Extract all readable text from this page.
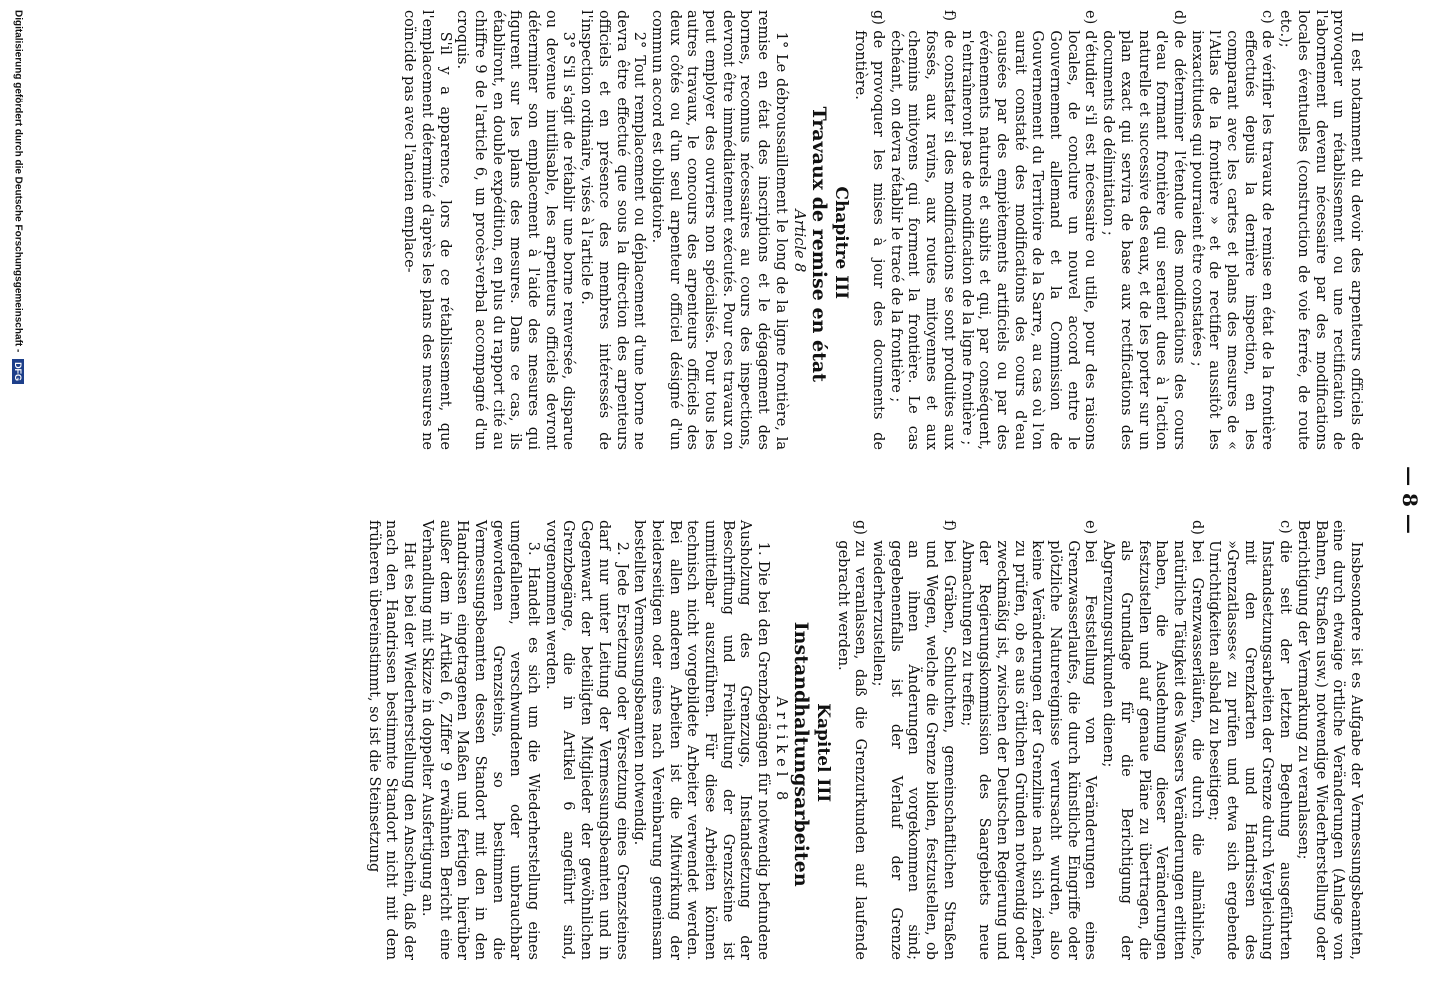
— 8 —

Il est notamment du devoir des arpenteurs officiels de provoquer un rétablissement ou une rectification de l'abornement devenu nécessaire par des modifications locales éventuelles (construction de voie ferrée, de route etc.);

c)de vérifier les travaux de remise en état de la frontière effectués depuis la dernière inspection, en les comparant avec les cartes et plans des mesures de « l'Atlas de la frontière » et de rectifier aussitôt les inexactitudes qui pourraient être constatées ;

d)de déterminer l'étendue des modifications des cours d'eau formant frontière qui seraient dues à l'action naturelle et successive des eaux, et de les porter sur un plan exact qui servira de base aux rectifications des documents de délimitation ;

e)d'étudier s'il est nécessaire ou utile, pour des raisons locales, de conclure un nouvel accord entre le Gouvernement allemand et la Commission de Gouvernement du Territoire de la Sarre, au cas où l'on aurait constaté des modifications des cours d'eau causées par des empiètements artificiels ou par des événements naturels et subits et qui, par conséquent, n'entraîneront pas de modification de la ligne frontière ;

f)de constater si des modifications se sont produites aux fossés, aux ravins, aux routes mitoyennes et aux chemins mitoyens qui forment la frontière. Le cas échéant, on devra rétablir le tracé de la frontière ;

g)de provoquer les mises à jour des documents de frontière.

Chapitre III

Travaux de remise en état

Article 8

1° Le débroussaillement le long de la ligne frontière, la remise en état des inscriptions et le dégagement des bornes, reconnus nécessaires au cours des inspections, devront être immédiatement exécutés. Pour ces travaux on peut employer des ouvriers non spécialisés. Pour tous les autres travaux, le concours des arpenteurs officiels des deux côtés ou d'un seul arpenteur officiel désigné d'un commun accord est obligatoire.

2° Tout remplacement ou déplacement d'une borne ne devra être effectué que sous la direction des arpenteurs officiels et en présence des membres intéressés de l'inspection ordinaire, visés à l'article 6.

3° S'il s'agit de rétablir une borne renversée, disparue ou devenue inutilisable, les arpenteurs officiels devront déterminer son emplacement à l'aide des mesures qui figurent sur les plans des mesures. Dans ce cas, ils établiront, en double expédition, en plus du rapport cité au chiffre 9 de l'article 6, un procès-verbal accompagné d'un croquis.

S'il y a apparence, lors de ce rétablissement, que l'emplacement déterminé d'après les plans des mesures ne coïncide pas avec l'ancien emplace-

Insbesondere ist es Aufgabe der Vermessungsbeamten, eine durch etwaige örtliche Veränderungen (Anlage von Bahnen, Straßen usw.) notwendige Wiederherstellung oder Berichtigung der Vermarkung zu veranlassen;

c)die seit der letzten Begehung ausgeführten Instandsetzungsarbeiten der Grenze durch Vergleichung mit den Grenzkarten und Handrissen des »Grenzatlasses« zu prüfen und etwa sich ergebende Unrichtigkeiten alsbald zu beseitigen;

d)bei Grenzwasserläufen, die durch die allmähliche, natürliche Tätigkeit des Wassers Veränderungen erlitten haben, die Ausdehnung dieser Veränderungen festzustellen und auf genaue Pläne zu übertragen, die als Grundlage für die Berichtigung der Abgrenzungsurkunden dienen;

e)bei Feststellung von Veränderungen eines Grenzwasserlaufes, die durch künstliche Eingriffe oder plötzliche Naturereignisse verursacht wurden, also keine Veränderungen der Grenzlinie nach sich ziehen, zu prüfen, ob es aus örtlichen Gründen notwendig oder zweckmäßig ist, zwischen der Deutschen Regierung und der Regierungskommission des Saargebiets neue Abmachungen zu treffen;

f)bei Gräben, Schluchten, gemeinschaftlichen Straßen und Wegen, welche die Grenze bilden, festzustellen, ob an ihnen Änderungen vorgekommen sind; gegebenenfalls ist der Verlauf der Grenze wiederherzustellen;

g)zu veranlassen, daß die Grenzurkunden auf laufende gebracht werden.

Kapitel III

Instandhaltungsarbeiten

Artikel 8

1. Die bei den Grenzbegängen für notwendig befundene Ausholzung des Grenzzugs, Instandsetzung der Beschriftung und Freihaltung der Grenzsteine ist unmittelbar auszuführen. Für diese Arbeiten können technisch nicht vorgebildete Arbeiter verwendet werden. Bei allen anderen Arbeiten ist die Mitwirkung der beiderseitigen oder eines nach Vereinbarung gemeinsam bestellten Vermessungsbeamten notwendig.

2. Jede Ersetzung oder Versetzung eines Grenzsteines darf nur unter Leitung der Vermessungsbeamten und in Gegenwart der beteiligten Mitglieder der gewöhnlichen Grenzbegänge, die in Artikel 6 angeführt sind, vorgenommen werden.

3. Handelt es sich um die Wiederherstellung eines umgefallenen, verschwundenen oder unbrauchbar gewordenen Grenzsteins, so bestimmen die Vermessungsbeamten dessen Standort mit den in den Handrissen eingetragenen Maßen und fertigen hierüber außer dem in Artikel 6, Ziffer 9 erwähnten Bericht eine Verhandlung mit Skizze in doppelter Ausfertigung an.

Hat es bei der Wiederherstellung den Anschein, daß der nach den Handrissen bestimmte Standort nicht mit dem früheren übereinstimmt, so ist die Steinsetzung

Digitalisierung gefördert durch die Deutsche Forschungsgemeinschaft - DFG
